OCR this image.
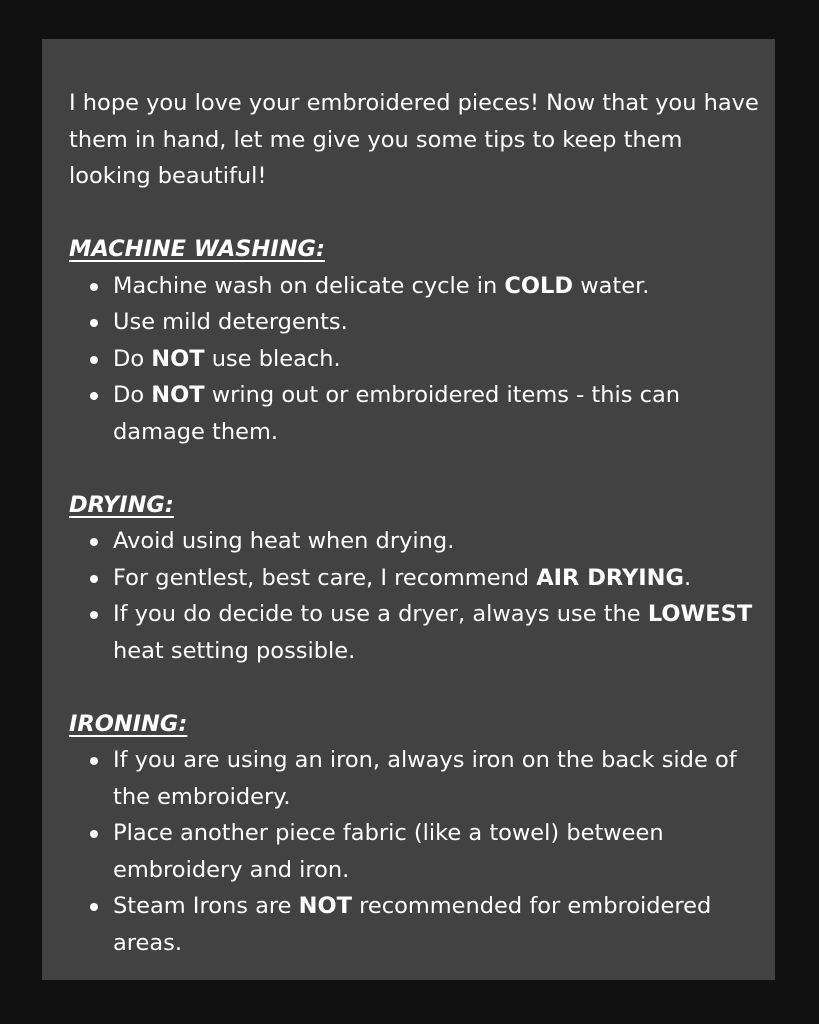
I hope you love your embroidered pieces! Now that you have them in hand, let me give you some tips to keep them looking beautiful!

MACHINE WASHING:

Machine wash on delicate cycle in COLD water.
Use mild detergents.
Do NOT use bleach.
Do NOT wring out or embroidered items - this can damage them.

DRYING:

Avoid using heat when drying.
For gentlest, best care, I recommend AIR DRYING.
If you do decide to use a dryer, always use the LOWEST heat setting possible.

IRONING:

If you are using an iron, always iron on the back side of the embroidery.
Place another piece fabric (like a towel) between embroidery and iron.
Steam Irons are NOT recommended for embroidered areas.
